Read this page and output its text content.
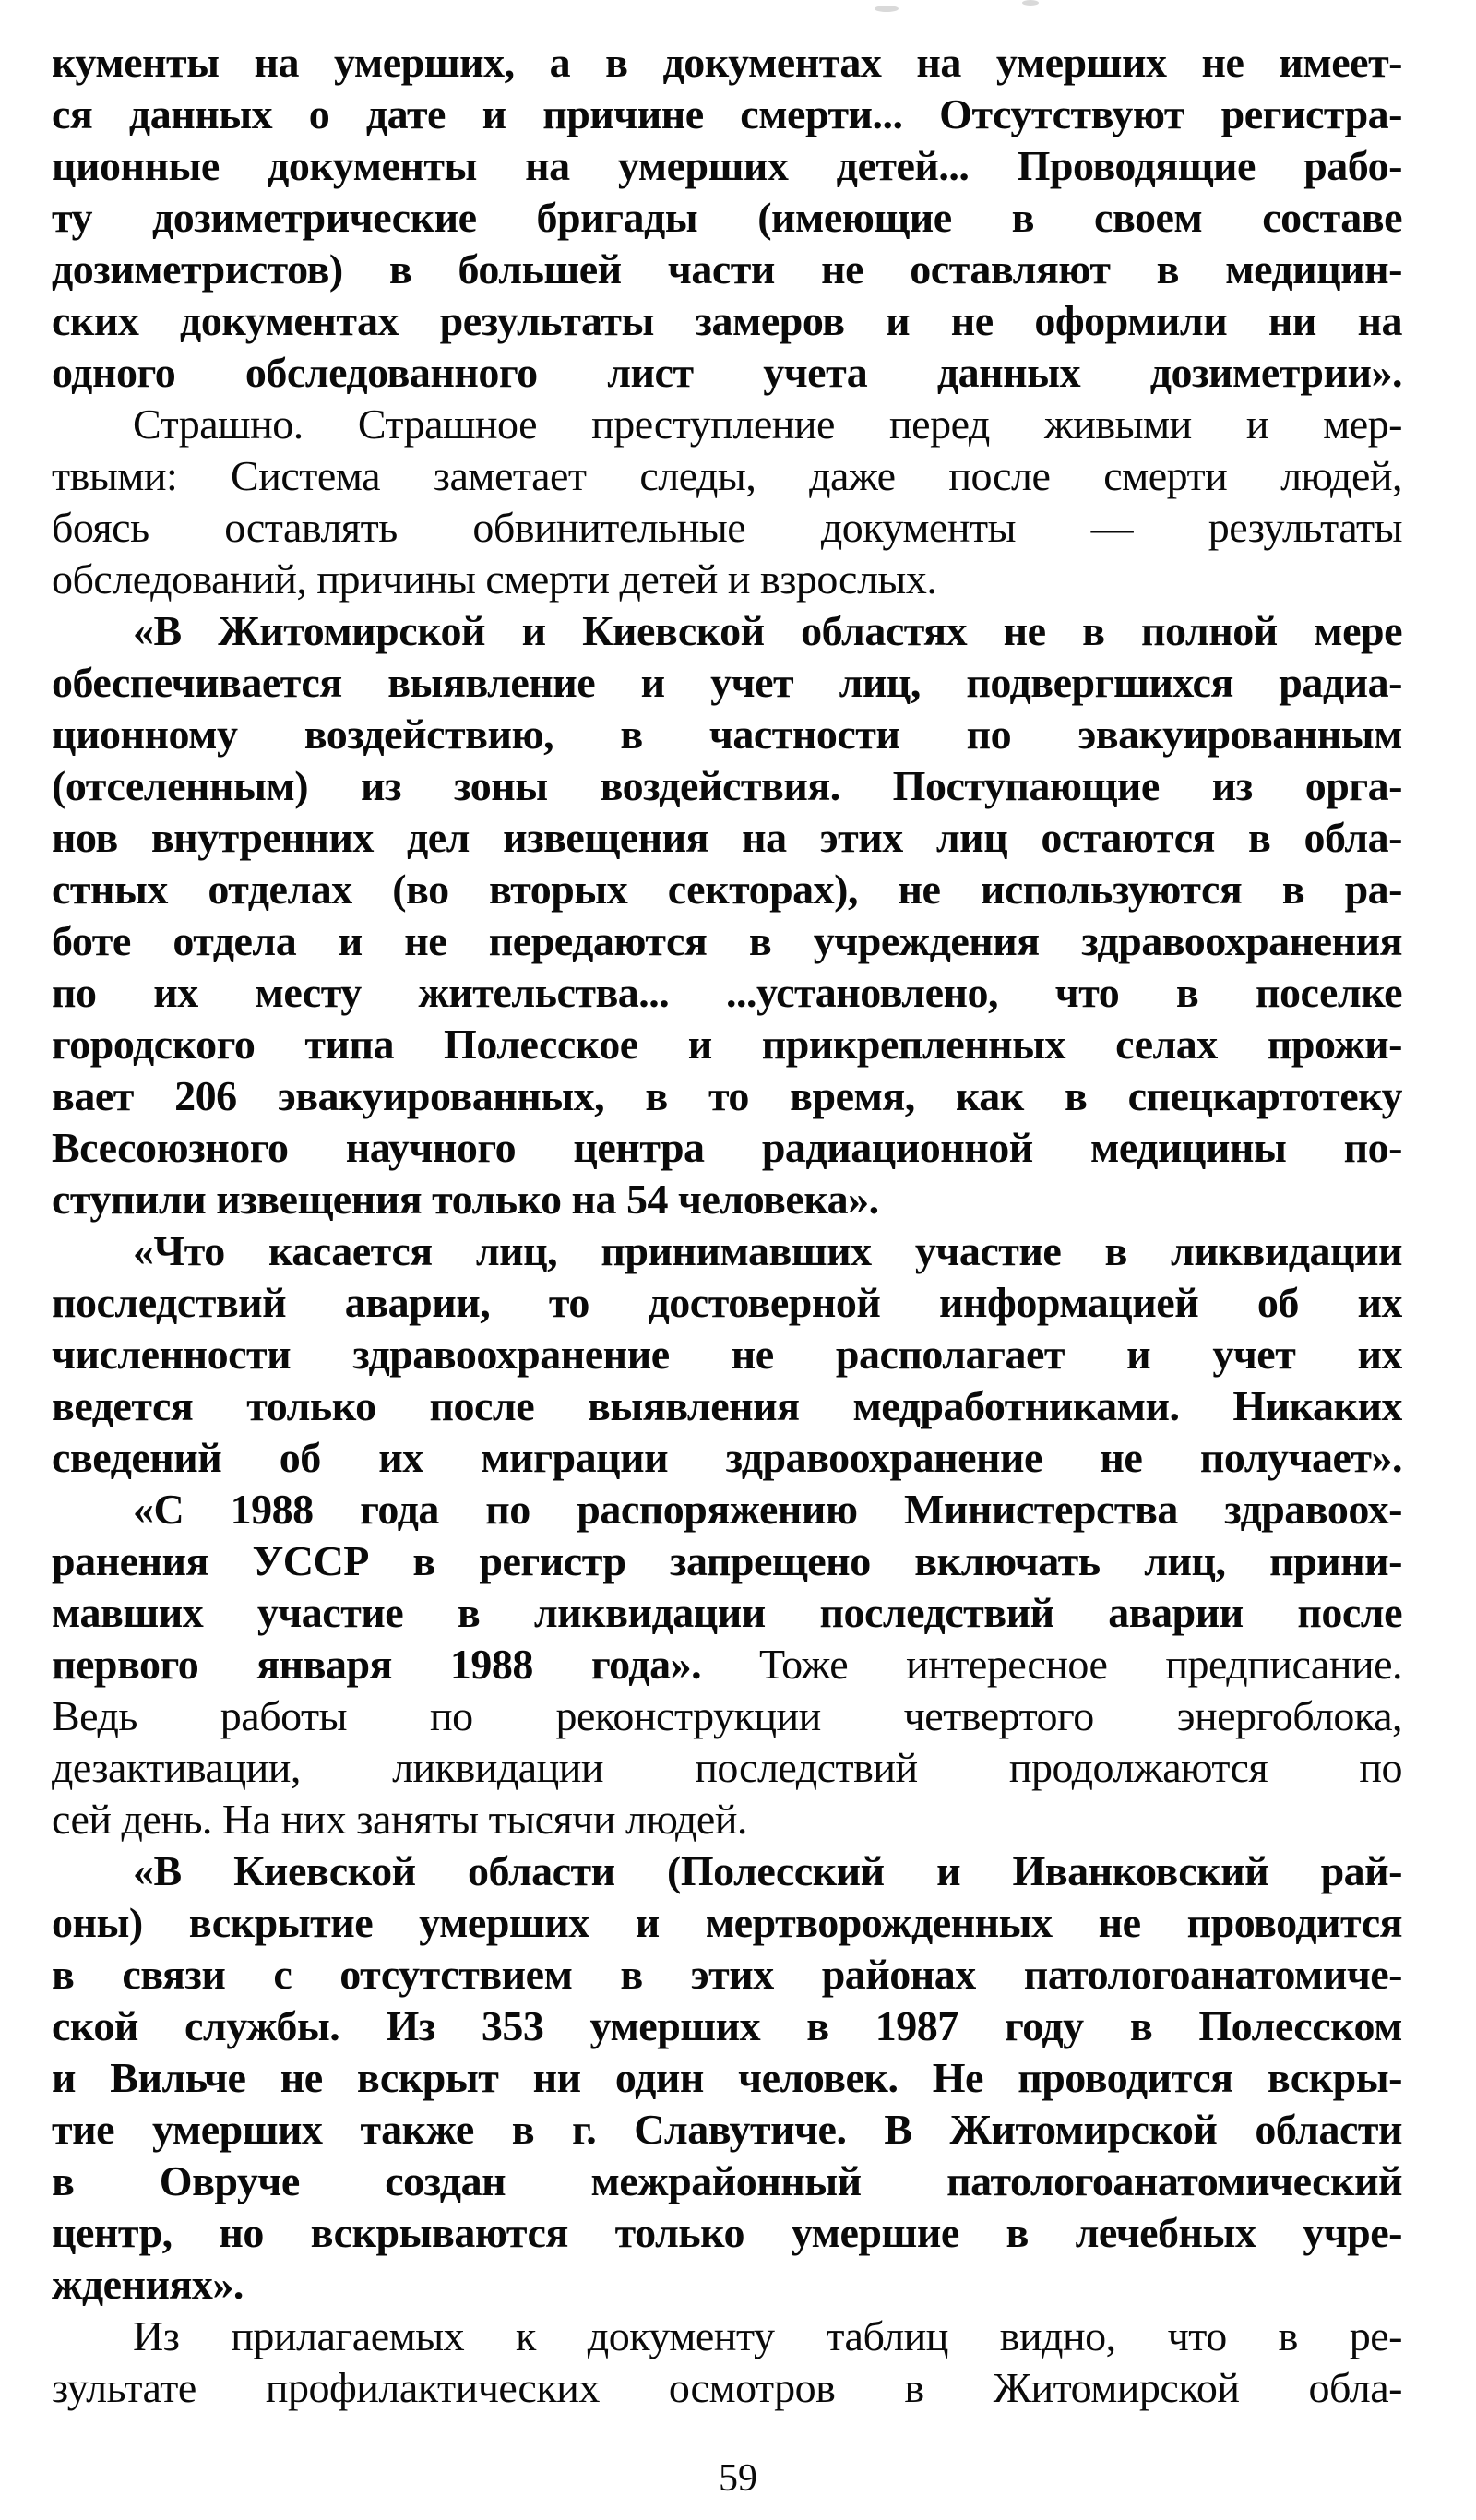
кументы на умерших, а в документах на умерших не имеет-
ся данных о дате и причине смерти... Отсутствуют регистра-
ционные документы на умерших детей... Проводящие рабо-
ту дозиметрические бригады (имеющие в своем составе
дозиметристов) в большей части не оставляют в медицин-
ских документах результаты замеров и не оформили ни на
одного обследованного лист учета данных дозиметрии».
Страшно. Страшное преступление перед живыми и мер-
твыми: Система заметает следы, даже после смерти людей,
боясь оставлять обвинительные документы — результаты
обследований, причины смерти детей и взрослых.
«В Житомирской и Киевской областях не в полной мере
обеспечивается выявление и учет лиц, подвергшихся радиа-
ционному воздействию, в частности по эвакуированным
(отселенным) из зоны воздействия. Поступающие из орга-
нов внутренних дел извещения на этих лиц остаются в обла-
стных отделах (во вторых секторах), не используются в ра-
боте отдела и не передаются в учреждения здравоохранения
по их месту жительства... ...установлено, что в поселке
городского типа Полесское и прикрепленных селах прожи-
вает 206 эвакуированных, в то время, как в спецкартотеку
Всесоюзного научного центра радиационной медицины по-
ступили извещения только на 54 человека».
«Что касается лиц, принимавших участие в ликвидации
последствий аварии, то достоверной информацией об их
численности здравоохранение не располагает и учет их
ведется только после выявления медработниками. Никаких
сведений об их миграции здравоохранение не получает».
«С 1988 года по распоряжению Министерства здравоох-
ранения УССР в регистр запрещено включать лиц, прини-
мавших участие в ликвидации последствий аварии после
первого января 1988 года». Тоже интересное предписание.
Ведь работы по реконструкции четвертого энергоблока,
дезактивации, ликвидации последствий продолжаются по
сей день. На них заняты тысячи людей.
«В Киевской области (Полесский и Иванковский рай-
оны) вскрытие умерших и мертворожденных не проводится
в связи с отсутствием в этих районах патологоанатомиче-
ской службы. Из 353 умерших в 1987 году в Полесском
и Вильче не вскрыт ни один человек. Не проводится вскры-
тие умерших также в г. Славутиче. В Житомирской области
в Овруче создан межрайонный патологоанатомический
центр, но вскрываются только умершие в лечебных учре-
ждениях».
Из прилагаемых к документу таблиц видно, что в ре-
зультате профилактических осмотров в Житомирской обла-
59
